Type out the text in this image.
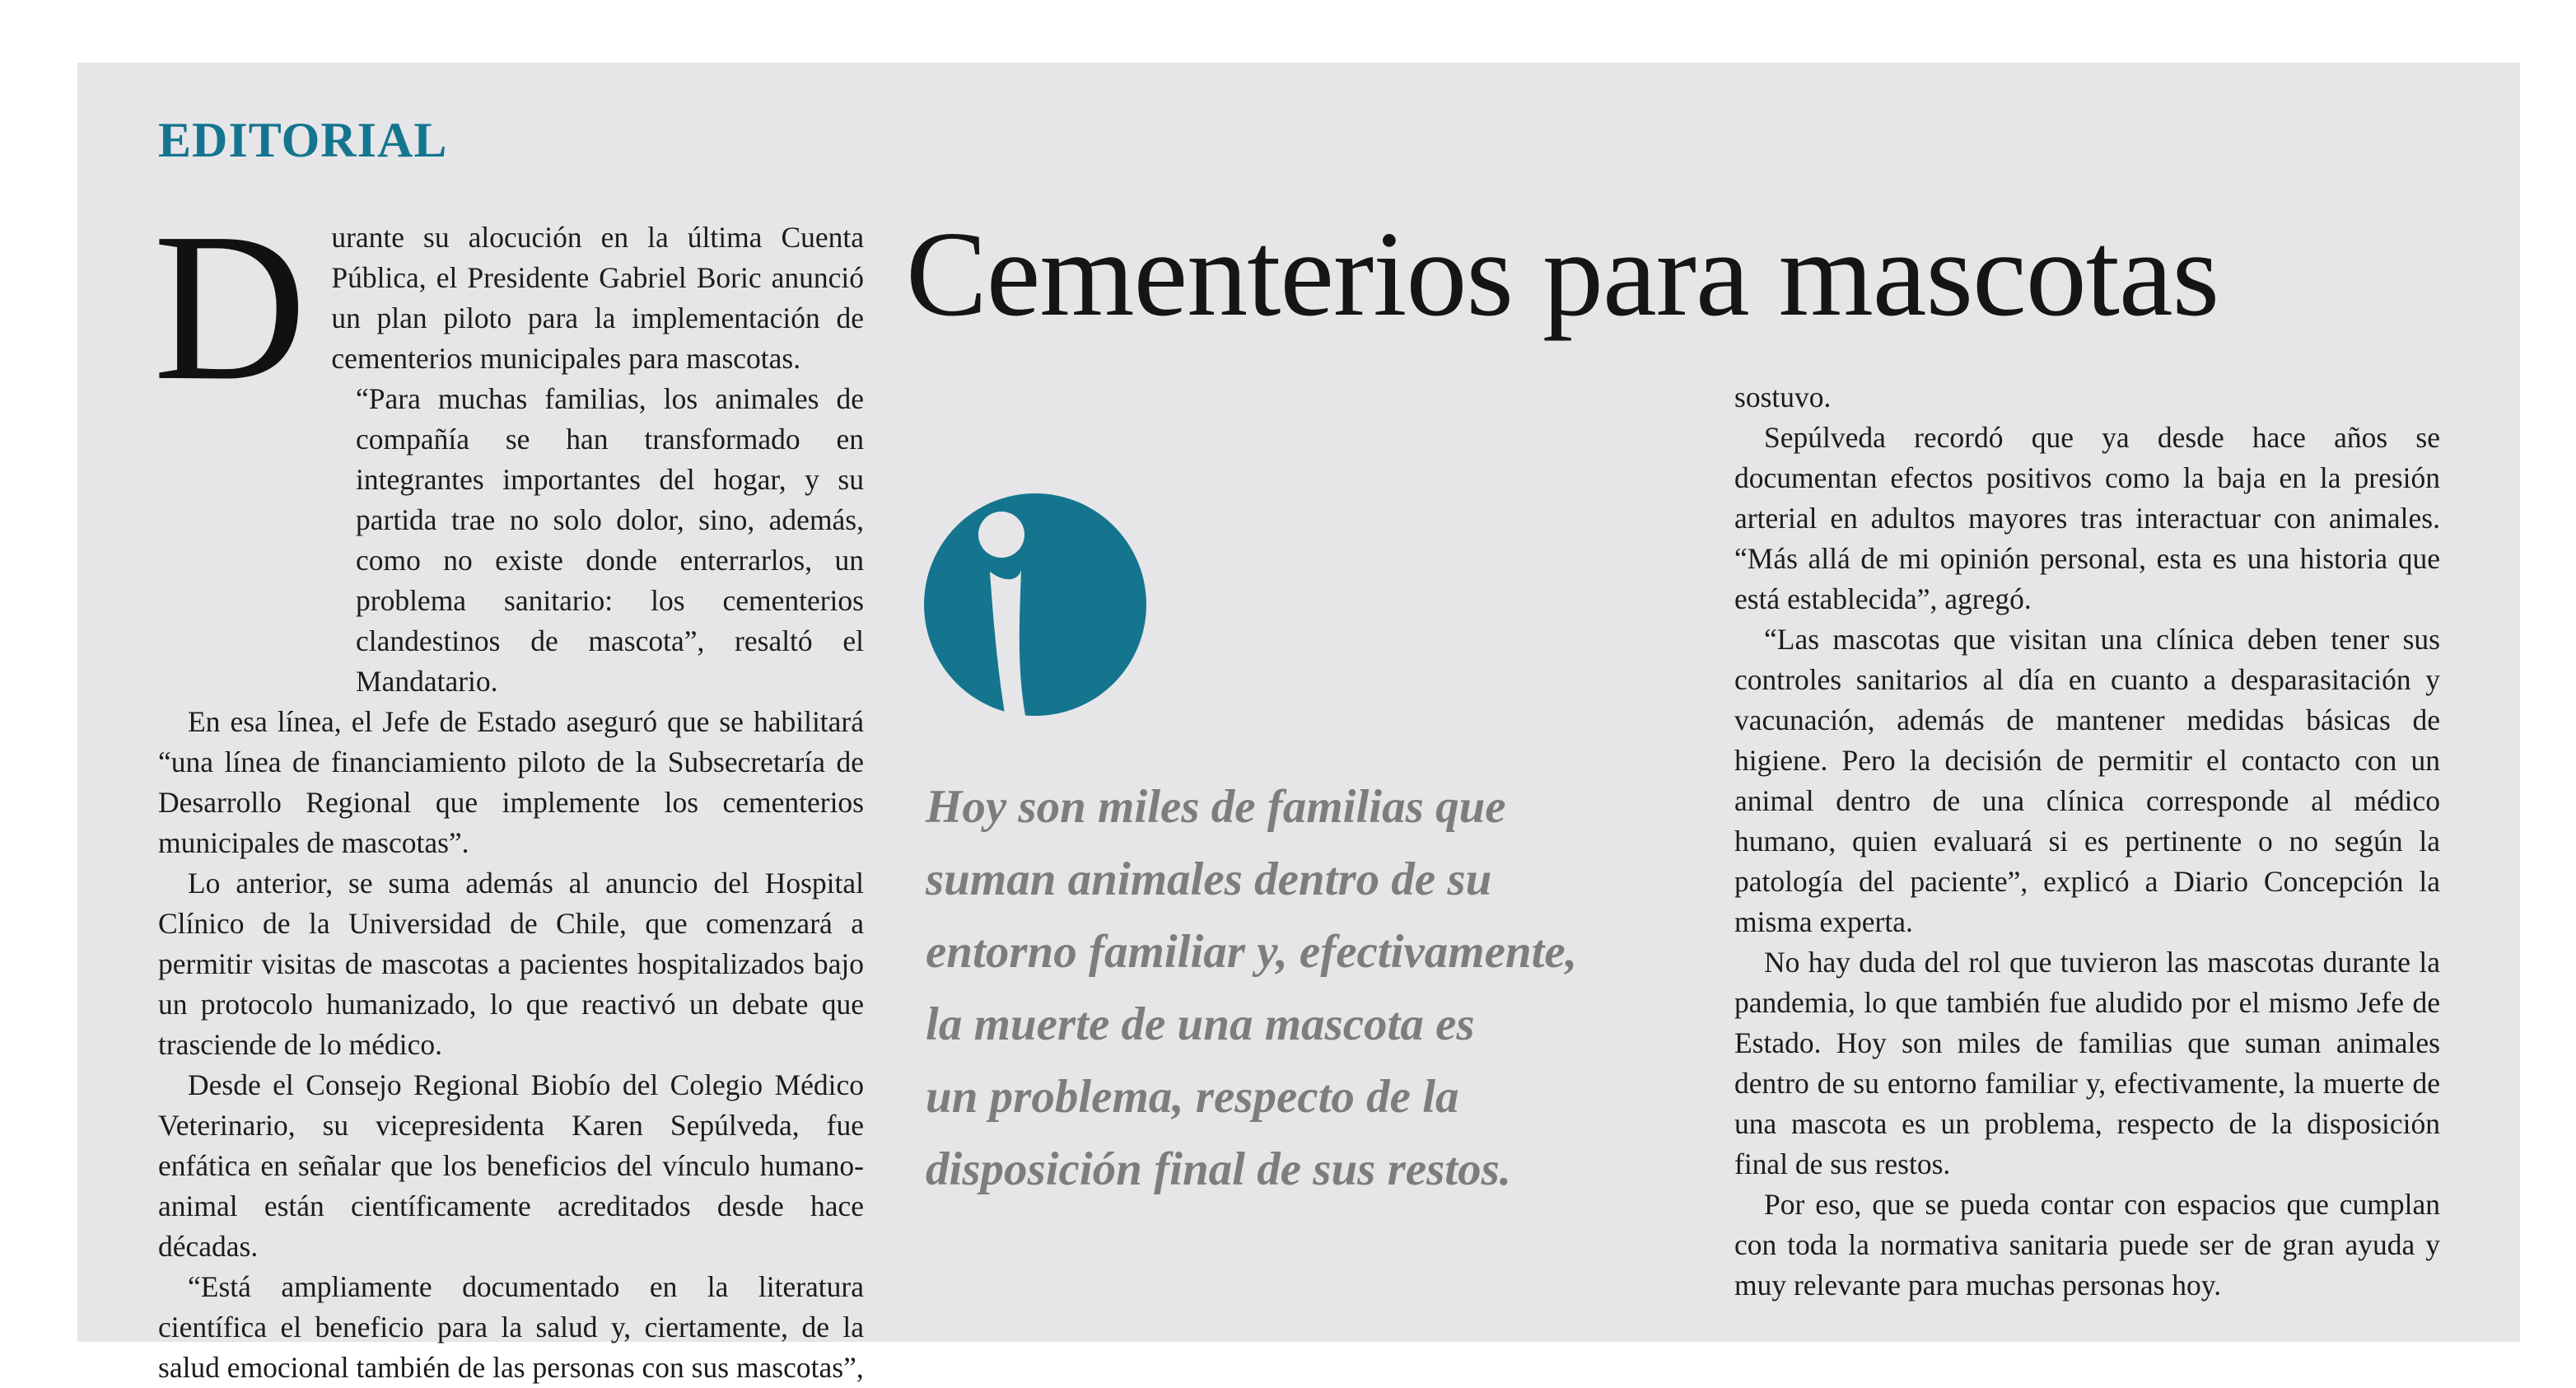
EDITORIAL
Cementerios para mascotas

Durante su alocución en la última Cuenta Pública, el Presidente Gabriel Boric anunció un plan piloto para la implementación de cementerios municipales para mascotas.

“Para muchas familias, los animales de compañía se han transformado en integrantes importantes del hogar, y su partida trae no solo dolor, sino, además, como no existe donde enterrarlos, un problema sanitario: los cementerios clandestinos de mascota”, resaltó el Mandatario.

En esa línea, el Jefe de Estado aseguró que se habilitará “una línea de financiamiento piloto de la Subsecretaría de Desarrollo Regional que implemente los cementerios municipales de mascotas”.

Lo anterior, se suma además al anuncio del Hospital Clínico de la Universidad de Chile, que comenzará a permitir visitas de mascotas a pacientes hospitalizados bajo un protocolo humanizado, lo que reactivó un debate que trasciende de lo médico.

Desde el Consejo Regional Biobío del Colegio Médico Veterinario, su vicepresidenta Karen Sepúlveda, fue enfática en señalar que los beneficios del vínculo humano-animal están científicamente acreditados desde hace décadas.

“Está ampliamente documentado en la literatura científica el beneficio para la salud y, ciertamente, de la salud emocional también de las personas con sus mascotas”,

Hoy son miles de familias que
suman animales dentro de su
entorno familiar y, efectivamente,
la muerte de una mascota es
un problema, respecto de la
disposición final de sus restos.

sostuvo.

Sepúlveda recordó que ya desde hace años se documentan efectos positivos como la baja en la presión arterial en adultos mayores tras interactuar con animales. “Más allá de mi opinión personal, esta es una historia que está establecida”, agregó.

“Las mascotas que visitan una clínica deben tener sus controles sanitarios al día en cuanto a desparasitación y vacunación, además de mantener medidas básicas de higiene. Pero la decisión de permitir el contacto con un animal dentro de una clínica corresponde al médico humano, quien evaluará si es pertinente o no según la patología del paciente”, explicó a Diario Concepción la misma experta.

No hay duda del rol que tuvieron las mascotas durante la pandemia, lo que también fue aludido por el mismo Jefe de Estado. Hoy son miles de familias que suman animales dentro de su entorno familiar y, efectivamente, la muerte de una mascota es un problema, respecto de la disposición final de sus restos.

Por eso, que se pueda contar con espacios que cumplan con toda la normativa sanitaria puede ser de gran ayuda y muy relevante para muchas personas hoy.
